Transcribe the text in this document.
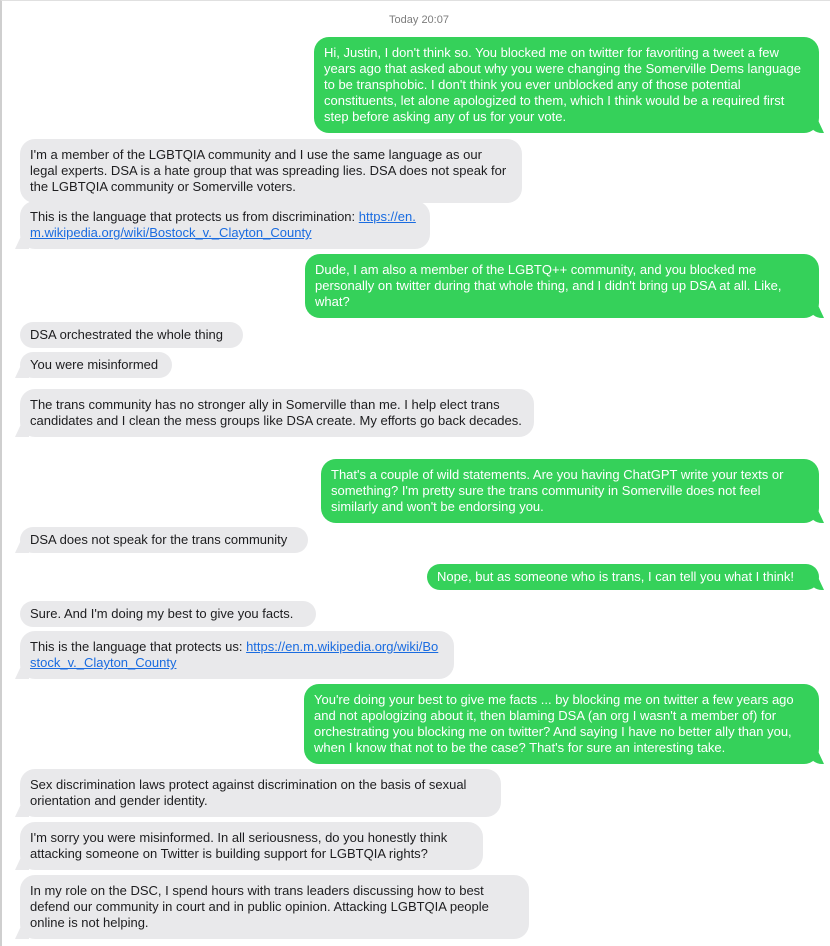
Today 20:07
Hi, Justin, I don't think so. You blocked me on twitter for favoriting a tweet a few years ago that asked about why you were changing the Somerville Dems language to be transphobic. I don't think you ever unblocked any of those potential constituents, let alone apologized to them, which I think would be a required first step before asking any of us for your vote.
I'm a member of the LGBTQIA community and I use the same language as our legal experts. DSA is a hate group that was spreading lies. DSA does not speak for the LGBTQIA community or Somerville voters.
This is the language that protects us from discrimination: https://en.m.wikipedia.org/wiki/Bostock_v._Clayton_County
Dude, I am also a member of the LGBTQ++ community, and you blocked me personally on twitter during that whole thing, and I didn't bring up DSA at all. Like, what?
DSA orchestrated the whole thing
You were misinformed
The trans community has no stronger ally in Somerville than me. I help elect trans candidates and I clean the mess groups like DSA create. My efforts go back decades.
That's a couple of wild statements. Are you having ChatGPT write your texts or something? I'm pretty sure the trans community in Somerville does not feel similarly and won't be endorsing you.
DSA does not speak for the trans community
Nope, but as someone who is trans, I can tell you what I think!
Sure. And I'm doing my best to give you facts.
This is the language that protects us: https://en.m.wikipedia.org/wiki/Bostock_v._Clayton_County
You're doing your best to give me facts ... by blocking me on twitter a few years ago and not apologizing about it, then blaming DSA (an org I wasn't a member of) for orchestrating you blocking me on twitter? And saying I have no better ally than you, when I know that not to be the case? That's for sure an interesting take.
Sex discrimination laws protect against discrimination on the basis of sexual orientation and gender identity.
I'm sorry you were misinformed. In all seriousness, do you honestly think attacking someone on Twitter is building support for LGBTQIA rights?
In my role on the DSC, I spend hours with trans leaders discussing how to best defend our community in court and in public opinion. Attacking LGBTQIA people online is not helping.
